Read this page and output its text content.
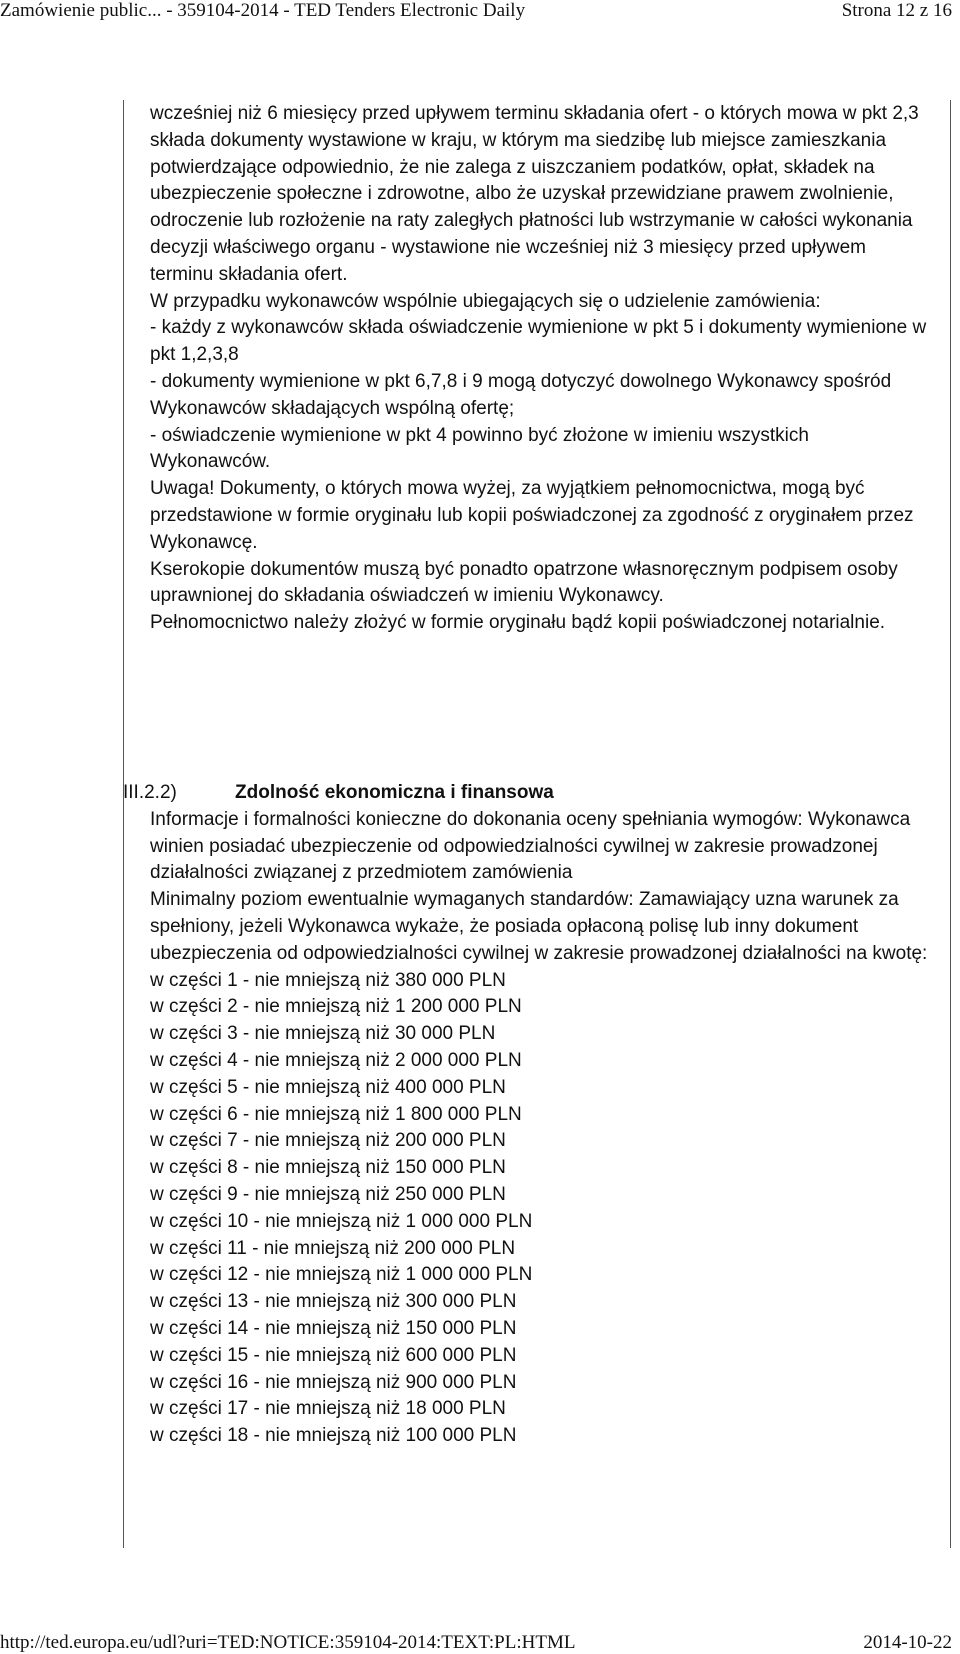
Zamówienie public... - 359104-2014 - TED Tenders Electronic Daily	Strona 12 z 16

wcześniej niż 6 miesięcy przed upływem terminu składania ofert - o których mowa w pkt 2,3 składa dokumenty wystawione w kraju, w którym ma siedzibę lub miejsce zamieszkania potwierdzające odpowiednio, że nie zalega z uiszczaniem podatków, opłat, składek na ubezpieczenie społeczne i zdrowotne, albo że uzyskał przewidziane prawem zwolnienie, odroczenie lub rozłożenie na raty zaległych płatności lub wstrzymanie w całości wykonania decyzji właściwego organu - wystawione nie wcześniej niż 3 miesięcy przed upływem terminu składania ofert.

W przypadku wykonawców wspólnie ubiegających się o udzielenie zamówienia:

- każdy z wykonawców składa oświadczenie wymienione w pkt 5 i dokumenty wymienione w pkt 1,2,3,8

- dokumenty wymienione w pkt 6,7,8 i 9 mogą dotyczyć dowolnego Wykonawcy spośród Wykonawców składających wspólną ofertę;

- oświadczenie wymienione w pkt 4 powinno być złożone w imieniu wszystkich Wykonawców.

Uwaga! Dokumenty, o których mowa wyżej, za wyjątkiem pełnomocnictwa, mogą być przedstawione w formie oryginału lub kopii poświadczonej za zgodność z oryginałem przez Wykonawcę.

Kserokopie dokumentów muszą być ponadto opatrzone własnoręcznym podpisem osoby uprawnionej do składania oświadczeń w imieniu Wykonawcy.

Pełnomocnictwo należy złożyć w formie oryginału bądź kopii poświadczonej notarialnie.

III.2.2)	Zdolność ekonomiczna i finansowa

Informacje i formalności konieczne do dokonania oceny spełniania wymogów: Wykonawca winien posiadać ubezpieczenie od odpowiedzialności cywilnej w zakresie prowadzonej działalności związanej z przedmiotem zamówienia

Minimalny poziom ewentualnie wymaganych standardów: Zamawiający uzna warunek za spełniony, jeżeli Wykonawca wykaże, że posiada opłaconą polisę lub inny dokument ubezpieczenia od odpowiedzialności cywilnej w zakresie prowadzonej działalności na kwotę:

w części 1 - nie mniejszą niż 380 000 PLN
w części 2 - nie mniejszą niż 1 200 000 PLN
w części 3 - nie mniejszą niż 30 000 PLN
w części 4 - nie mniejszą niż 2 000 000 PLN
w części 5 - nie mniejszą niż 400 000 PLN
w części 6 - nie mniejszą niż 1 800 000 PLN
w części 7 - nie mniejszą niż 200 000 PLN
w części 8 - nie mniejszą niż 150 000 PLN
w części 9 - nie mniejszą niż 250 000 PLN
w części 10 - nie mniejszą niż 1 000 000 PLN
w części 11 - nie mniejszą niż 200 000 PLN
w części 12 - nie mniejszą niż 1 000 000 PLN
w części 13 - nie mniejszą niż 300 000 PLN
w części 14 - nie mniejszą niż 150 000 PLN
w części 15 - nie mniejszą niż 600 000 PLN
w części 16 - nie mniejszą niż 900 000 PLN
w części 17 - nie mniejszą niż 18 000 PLN
w części 18 - nie mniejszą niż 100 000 PLN
http://ted.europa.eu/udl?uri=TED:NOTICE:359104-2014:TEXT:PL:HTML	2014-10-22
